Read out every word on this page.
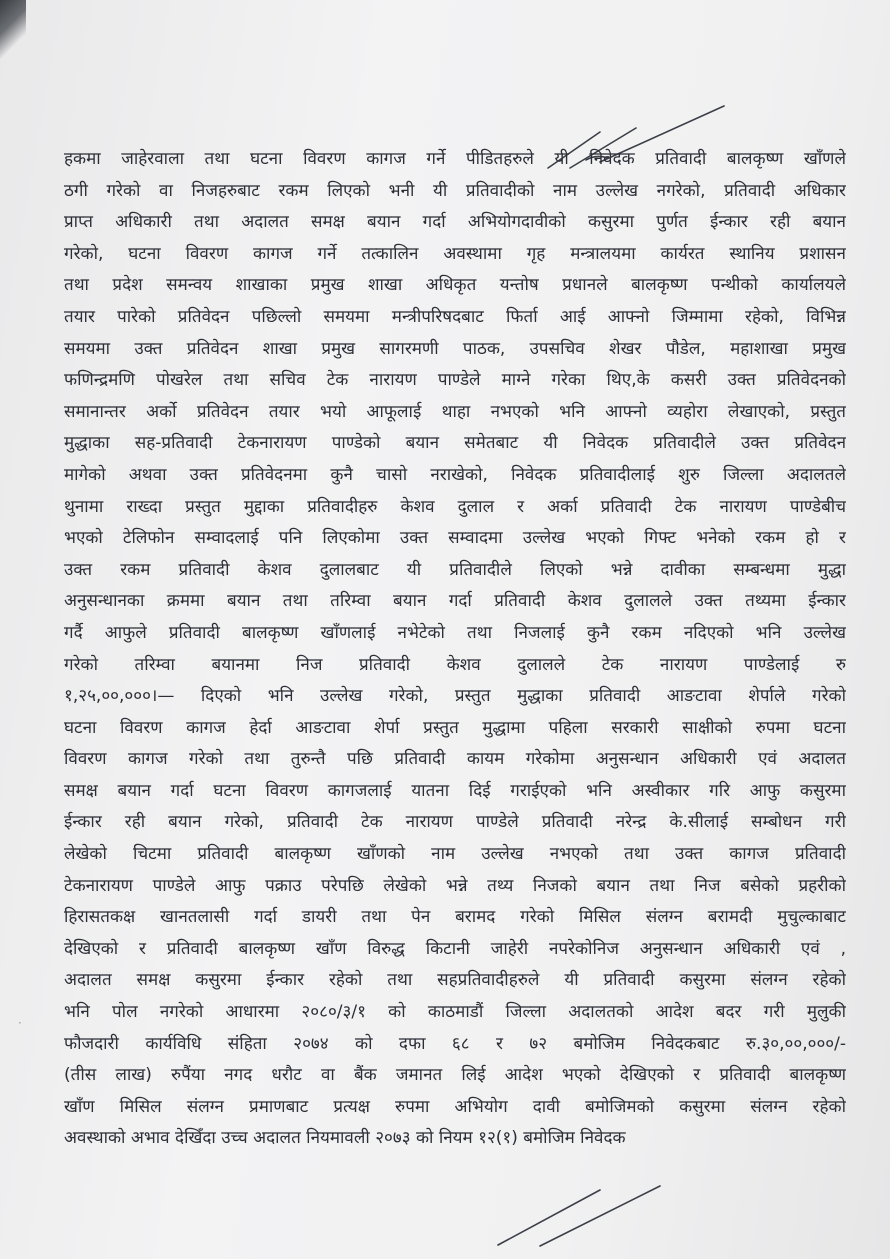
·
हकमा जाहेरवाला तथा घटना विवरण कागज गर्ने पीडितहरुले यी निवेदक प्रतिवादी बालकृष्ण खाँणले
ठगी गरेको वा निजहरुबाट रकम लिएको भनी यी प्रतिवादीको नाम उल्लेख नगरेको, प्रतिवादी अधिकार
प्राप्त अधिकारी तथा अदालत समक्ष बयान गर्दा अभियोगदावीको कसुरमा पुर्णत ईन्कार रही बयान
गरेको, घटना विवरण कागज गर्ने तत्कालिन अवस्थामा गृह मन्त्रालयमा कार्यरत स्थानिय प्रशासन
तथा प्रदेश समन्वय शाखाका प्रमुख शाखा अधिकृत यन्तोष प्रधानले बालकृष्ण पन्थीको कार्यालयले
तयार पारेको प्रतिवेदन पछिल्लो समयमा मन्त्रीपरिषदबाट फिर्ता आई आफ्नो जिम्मामा रहेको, विभिन्न
समयमा उक्त प्रतिवेदन शाखा प्रमुख सागरमणी पाठक, उपसचिव शेखर पौडेल, महाशाखा प्रमुख
फणिन्द्रमणि पोखरेल तथा सचिव टेक नारायण पाण्डेले माग्ने गरेका थिए,के कसरी उक्त प्रतिवेदनको
समानान्तर अर्को प्रतिवेदन तयार भयो आफूलाई थाहा नभएको भनि आफ्नो व्यहोरा लेखाएको, प्रस्तुत
मुद्धाका सह-प्रतिवादी टेकनारायण पाण्डेको बयान समेतबाट यी निवेदक प्रतिवादीले उक्त प्रतिवेदन
मागेको अथवा उक्त प्रतिवेदनमा कुनै चासो नराखेको, निवेदक प्रतिवादीलाई शुरु जिल्ला अदालतले
थुनामा राख्दा प्रस्तुत मुद्दाका प्रतिवादीहरु केशव दुलाल र अर्का प्रतिवादी टेक नारायण पाण्डेबीच
भएको टेलिफोन सम्वादलाई पनि लिएकोमा उक्त सम्वादमा उल्लेख भएको गिफ्ट भनेको रकम हो र
उक्त रकम प्रतिवादी केशव दुलालबाट यी प्रतिवादीले लिएको भन्ने दावीका सम्बन्धमा मुद्धा
अनुसन्धानका क्रममा बयान तथा तरिम्वा बयान गर्दा प्रतिवादी केशव दुलालले उक्त तथ्यमा ईन्कार
गर्दै आफुले प्रतिवादी बालकृष्ण खाँणलाई नभेटेको तथा निजलाई कुनै रकम नदिएको भनि उल्लेख
गरेको तरिम्वा बयानमा निज प्रतिवादी केशव दुलालले टेक नारायण पाण्डेलाई रु
१,२५,००,०००।— दिएको भनि उल्लेख गरेको, प्रस्तुत मुद्धाका प्रतिवादी आङटावा शेर्पाले गरेको
घटना विवरण कागज हेर्दा आङटावा शेर्पा प्रस्तुत मुद्धामा पहिला सरकारी साक्षीको रुपमा घटना
विवरण कागज गरेको तथा तुरुन्तै पछि प्रतिवादी कायम गरेकोमा अनुसन्धान अधिकारी एवं अदालत
समक्ष बयान गर्दा घटना विवरण कागजलाई यातना दिई गराईएको भनि अस्वीकार गरि आफु कसुरमा
ईन्कार रही बयान गरेको, प्रतिवादी टेक नारायण पाण्डेले प्रतिवादी नरेन्द्र के.सीलाई सम्बोधन गरी
लेखेको चिटमा प्रतिवादी बालकृष्ण खाँणको नाम उल्लेख नभएको तथा उक्त कागज प्रतिवादी
टेकनारायण पाण्डेले आफु पक्राउ परेपछि लेखेको भन्ने तथ्य निजको बयान तथा निज बसेको प्रहरीको
हिरासतकक्ष खानतलासी गर्दा डायरी तथा पेन बरामद गरेको मिसिल संलग्न बरामदी मुचुल्काबाट
देखिएको र प्रतिवादी बालकृष्ण खाँण विरुद्ध किटानी जाहेरी नपरेकोनिज अनुसन्धान अधिकारी एवं ,
अदालत समक्ष कसुरमा ईन्कार रहेको तथा सहप्रतिवादीहरुले यी प्रतिवादी कसुरमा संलग्न रहेको
भनि पोल नगरेको आधारमा २०८०/३/१ को काठमाडौं जिल्ला अदालतको आदेश बदर गरी मुलुकी
फौजदारी कार्यविधि संहिता २०७४ को दफा ६८ र ७२ बमोजिम निवेदकबाट रु.३०,००,०००/-
(तीस लाख) रुपैंया नगद धरौट वा बैंक जमानत लिई आदेश भएको देखिएको र प्रतिवादी बालकृष्ण
खाँण मिसिल संलग्न प्रमाणबाट प्रत्यक्ष रुपमा अभियोग दावी बमोजिमको कसुरमा संलग्न रहेको
अवस्थाको अभाव देखिँदा उच्च अदालत नियमावली २०७३ को नियम १२(१) बमोजिम निवेदक
